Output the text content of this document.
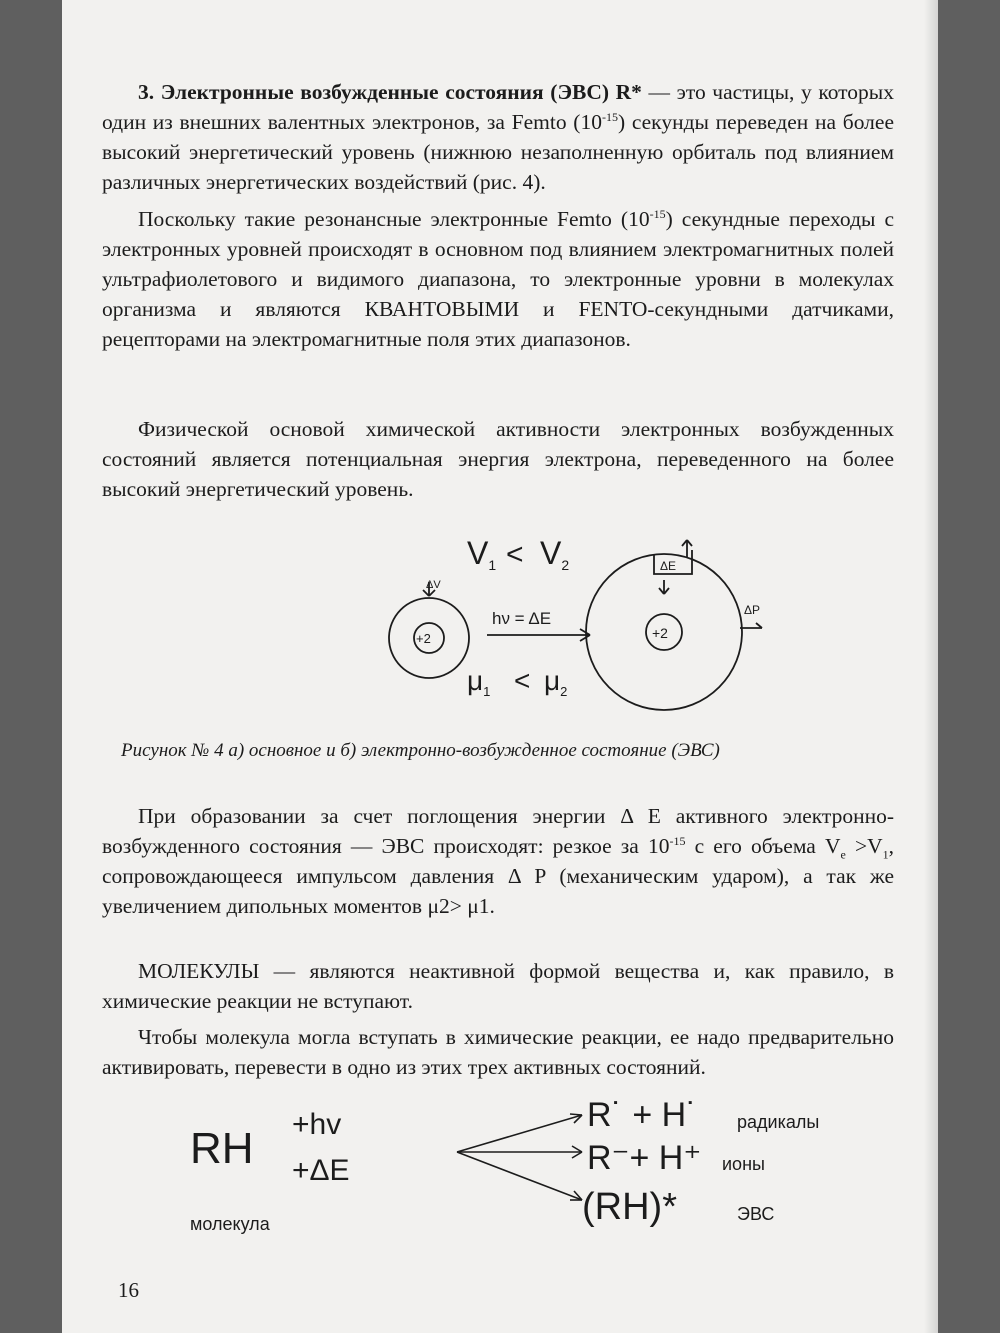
3. Электронные возбужденные состояния (ЭВС) R* — это частицы, у которых один из внешних валентных электронов, за Femto $(10^{-15})$ секунды переведен на более высокий энергетический уровень (нижнюю незаполненную орбиталь под влиянием различных энергетических воздействий (рис. 4).

Поскольку такие резонансные электронные Femto $(10^{-15})$ секундные переходы с электронных уровней происходят в основном под влиянием электромагнитных полей ультрафиолетового и видимого диапазона, то электронные уровни в молекулах организма и являются КВАНТОВЫМИ и FENTO-секундными датчиками, рецепторами на электромагнитные поля этих диапазонов.

Физической основой химической активности электронных возбужденных состояний является потенциальная энергия электрона, переведенного на более высокий энергетический уровень.

V1 < V2
ΔV
+2	+2
hν = ΔE
$\mu_1 < \mu_2$
ΔE
ΔP
Рисунок № 4 а) основное и б) электронно-возбужденное состояние (ЭВС)

При образовании за счет поглощения энергии Δ E активного электронно-возбужденного состояния — ЭВС происходят: резкое за $10^{-15}$ с его объема $V_e >V_1$, сопровождающееся импульсом давления Δ P (механическим ударом), а так же увеличением дипольных моментов μ2> μ1.

МОЛЕКУЛЫ — являются неактивной формой вещества и, как правило, в химические реакции не вступают.

Чтобы молекула могла вступать в химические реакции, ее надо предварительно активировать, перевести в одно из этих трех активных состояний.

RH
молекула
+hv
+ΔE
R˙ + H˙ радикалы
R⁻+ H⁺ ионы
(RH)*	ЭВС
16
